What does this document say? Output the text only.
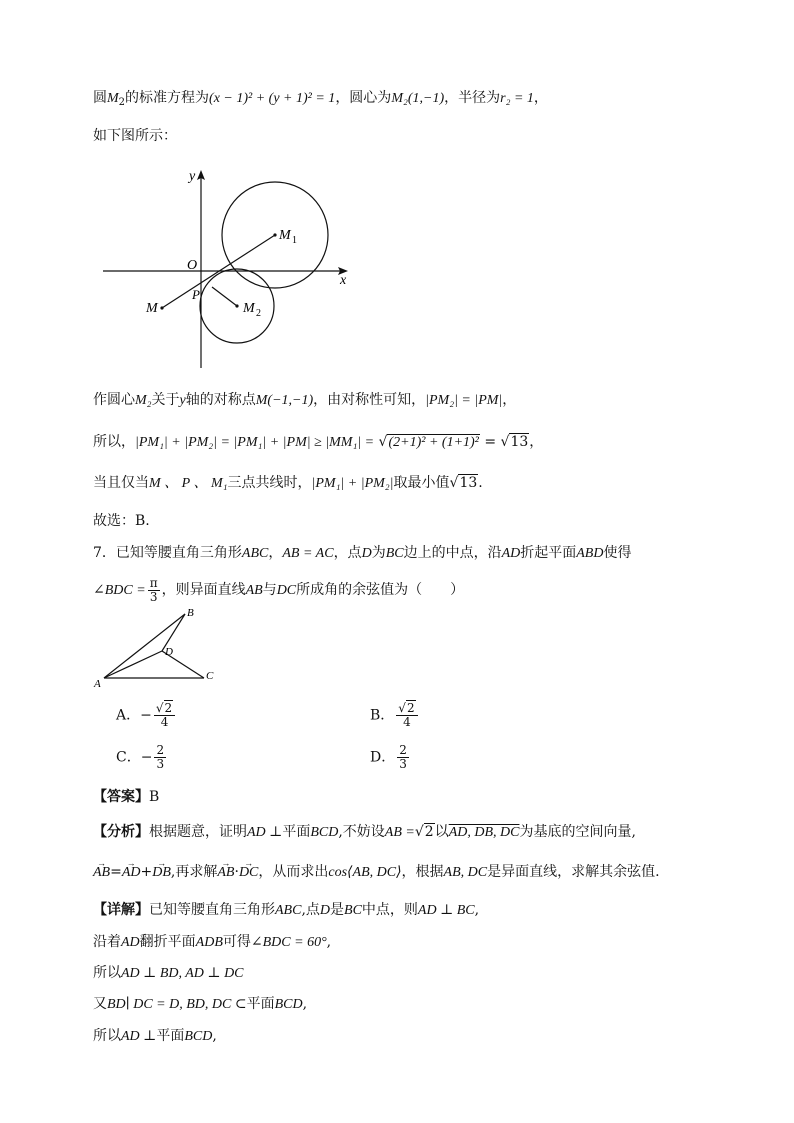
圆$M_2$的标准方程为(x − 1)² + (y + 1)² = 1，圆心为M₂(1,−1)，半径为r₂ = 1，
如下图所示：
y
x
O
P
M
M 1
M 2
作圆心M₂关于y轴的对称点M(−1,−1)，由对称性可知，|PM₂| = |PM|，
所以，|PM₁| + |PM₂| = |PM₁| + |PM| ≥ |MM₁| = √(2+1)² + (1+1)² = √13，
当且仅当M 、 P 、 M₁三点共线时，|PM₁| + |PM₂|取最小值√13.
故选：B.
7．已知等腰直角三角形ABC，AB = AC，点D为BC边上的中点，沿AD折起平面ABD使得
∠BDC = $\frac{\pi}{3}$ ，则异面直线AB与DC所成角的余弦值为（　　）
A
B
C
D
A．− $\frac{√2}{4}$	B． $\frac{√2}{4}$
C．− $\frac{2}{3}$	D． $\frac{2}{3}$
【答案】B
【分析】根据题意，证明AD ⊥平面BCD,不妨设AB =√2以AD, DB, DC为基底的空间向量,
→ AB=→ AD+→ DB,再求解→ AB·→ DC，从而求出cos⟨AB, DC⟩，根据AB, DC是异面直线，求解其余弦值.
【详解】已知等腰直角三角形ABC,点D是BC中点，则AD ⊥ BC,
沿着AD翻折平面ADB可得∠BDC = 60°,
所以AD ⊥ BD, AD ⊥ DC
又BD∣ DC = D, BD, DC ⊂平面BCD,
所以AD ⊥平面BCD,
